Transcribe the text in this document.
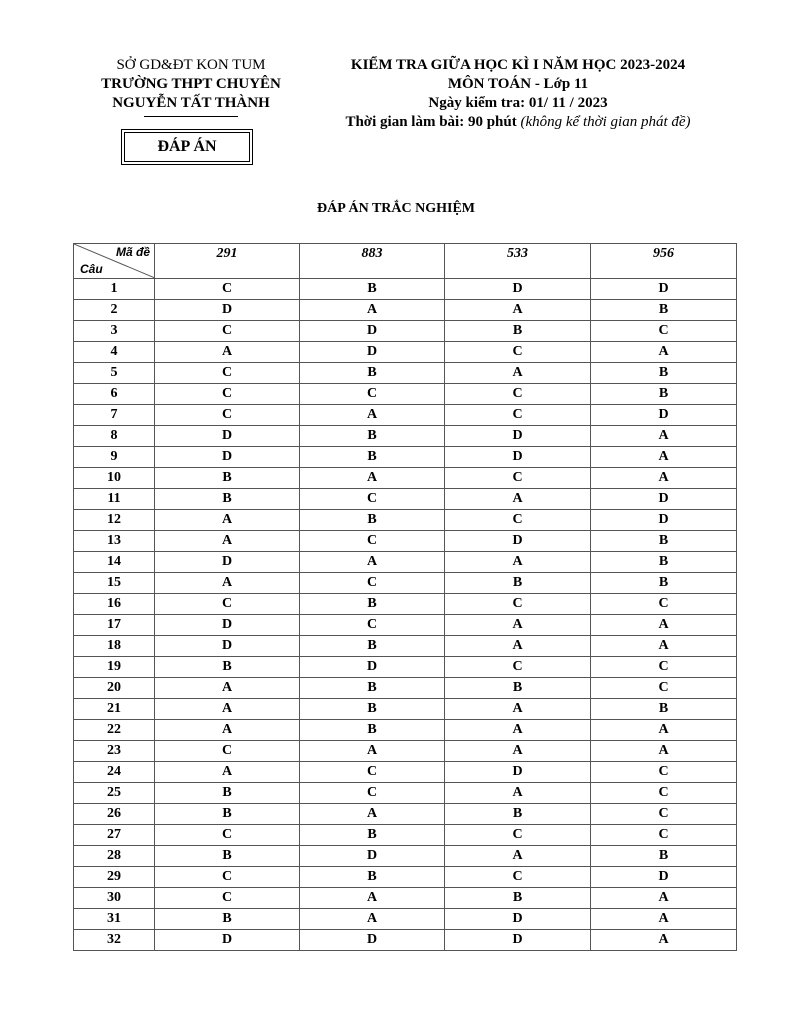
SỞ GD&ĐT KON TUM
TRƯỜNG THPT CHUYÊN
NGUYỄN TẤT THÀNH
ĐÁP ÁN
KIỂM TRA GIỮA HỌC KÌ I NĂM HỌC 2023-2024
MÔN TOÁN - Lớp 11
Ngày kiểm tra: 01/ 11 / 2023
Thời gian làm bài: 90 phút (không kể thời gian phát đề)
ĐÁP ÁN TRẮC NGHIỆM
Mã đề
Câu	291	883	533	956
1	C	B	D	D
2	D	A	A	B
3	C	D	B	C
4	A	D	C	A
5	C	B	A	B
6	C	C	C	B
7	C	A	C	D
8	D	B	D	A
9	D	B	D	A
10	B	A	C	A
11	B	C	A	D
12	A	B	C	D
13	A	C	D	B
14	D	A	A	B
15	A	C	B	B
16	C	B	C	C
17	D	C	A	A
18	D	B	A	A
19	B	D	C	C
20	A	B	B	C
21	A	B	A	B
22	A	B	A	A
23	C	A	A	A
24	A	C	D	C
25	B	C	A	C
26	B	A	B	C
27	C	B	C	C
28	B	D	A	B
29	C	B	C	D
30	C	A	B	A
31	B	A	D	A
32	D	D	D	A
